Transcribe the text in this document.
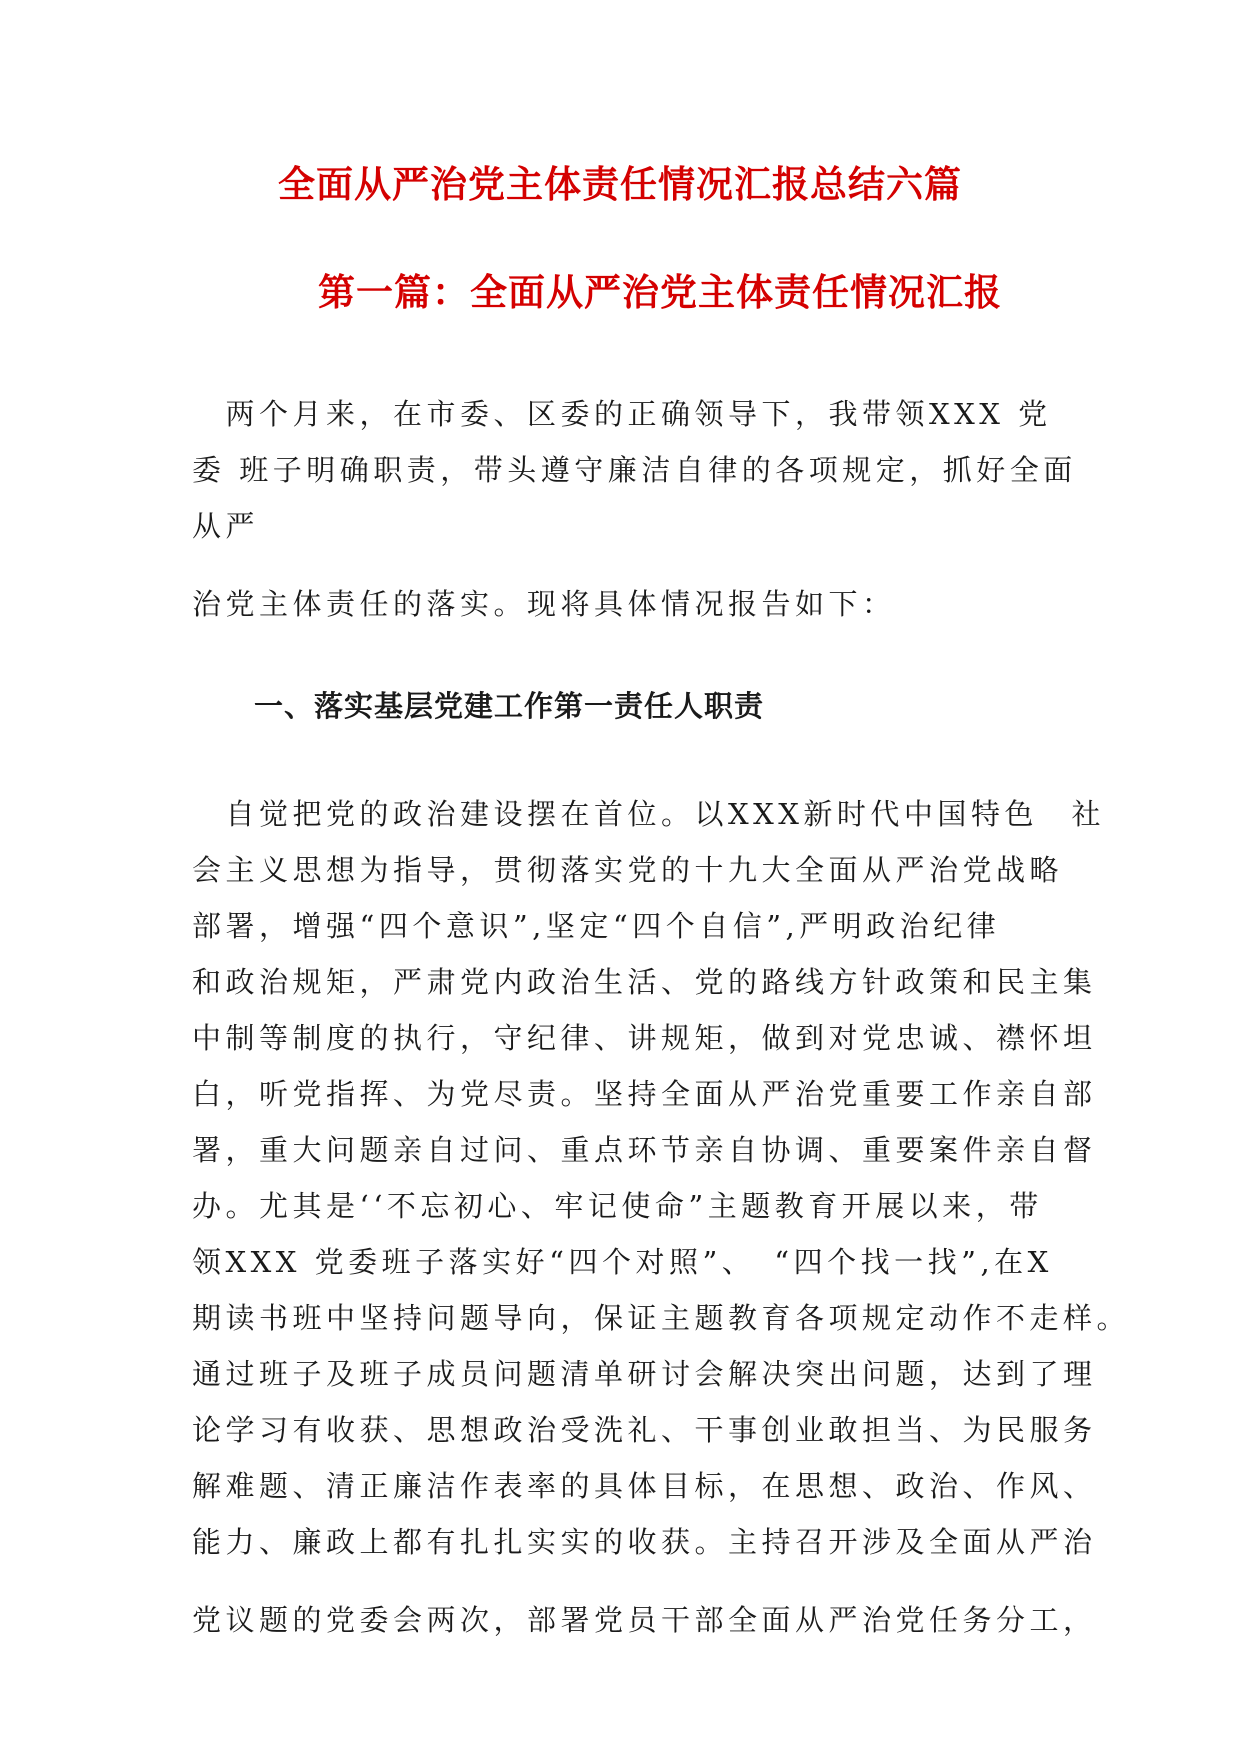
全面从严治党主体责任情况汇报总结六篇

第一篇：全面从严治党主体责任情况汇报

　两个月来，在市委、区委的正确领导下，我带领XXX 党

委 班子明确职责，带头遵守廉洁自律的各项规定，抓好全面

从严

治党主体责任的落实。现将具体情况报告如下：

一、落实基层党建工作第一责任人职责

　自觉把党的政治建设摆在首位。以XXX新时代中国特色　社

会主义思想为指导，贯彻落实党的十九大全面从严治党战略

部署，增强“四个意识”,坚定“四个自信”,严明政治纪律

和政治规矩，严肃党内政治生活、党的路线方针政策和民主集

中制等制度的执行，守纪律、讲规矩，做到对党忠诚、襟怀坦

白，听党指挥、为党尽责。坚持全面从严治党重要工作亲自部

署，重大问题亲自过问、重点环节亲自协调、重要案件亲自督

办。尤其是‘‘不忘初心、牢记使命”主题教育开展以来，带

领XXX 党委班子落实好“四个对照”、　“四个找一找”,在X

期读书班中坚持问题导向，保证主题教育各项规定动作不走样。

通过班子及班子成员问题清单研讨会解决突出问题，达到了理

论学习有收获、思想政治受洗礼、干事创业敢担当、为民服务

解难题、清正廉洁作表率的具体目标，在思想、政治、作风、

能力、廉政上都有扎扎实实的收获。主持召开涉及全面从严治

党议题的党委会两次，部署党员干部全面从严治党任务分工，
